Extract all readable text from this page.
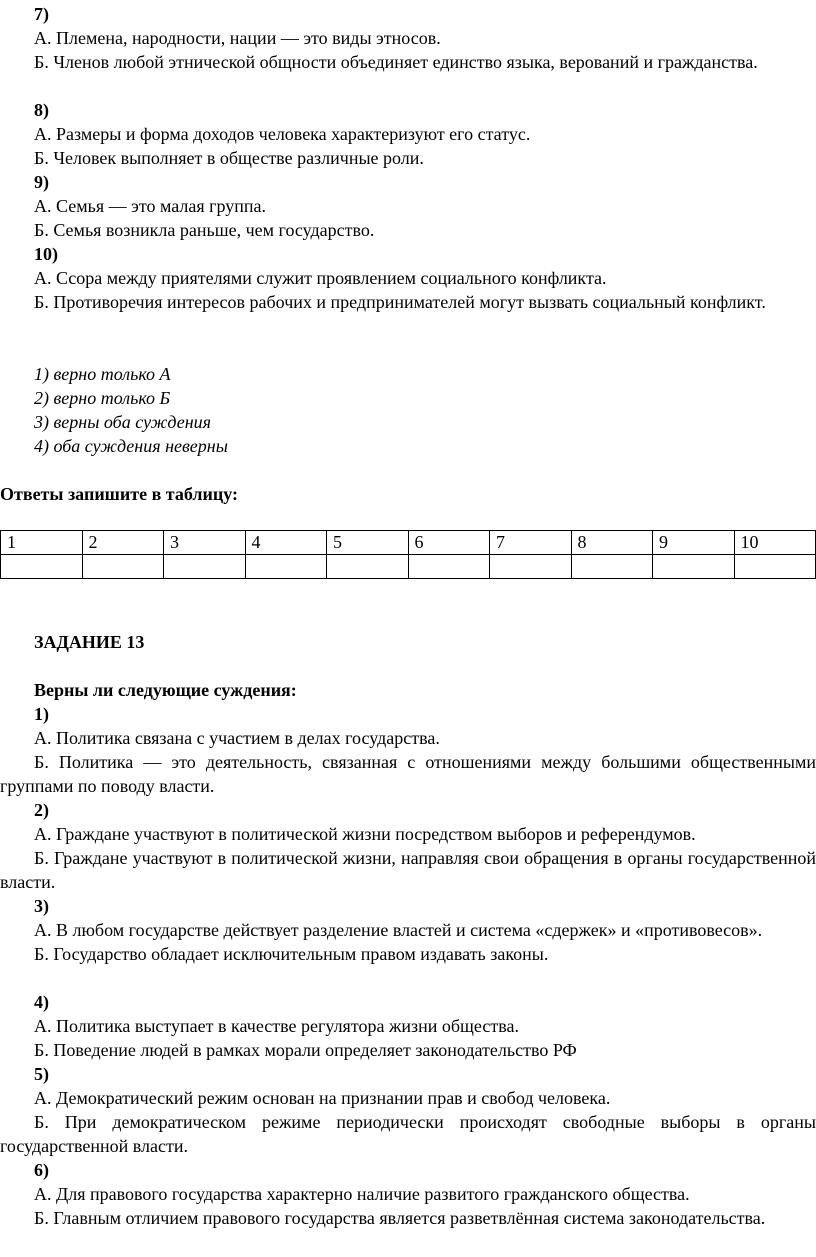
7)

А. Племена, народности, нации — это виды этносов.

Б. Членов любой этнической общности объединяет единство языка, верований и гражданства.

8)

А. Размеры и форма доходов человека характеризуют его статус.

Б. Человек выполняет в обществе различные роли.

9)

А. Семья — это малая группа.

Б. Семья возникла раньше, чем государство.

10)

А. Ссора между приятелями служит проявлением социального конфликта.

Б. Противоречия интересов рабочих и предпринимателей могут вызвать социальный конфликт.

1) верно только А

2) верно только Б

3) верны оба суждения

4) оба суждения неверны

Ответы запишите в таблицу:

1	2	3	4	5	6	7	8	9	10

ЗАДАНИЕ 13

Верны ли следующие суждения:

1)

А. Политика связана с участием в делах государства.

Б. Политика — это деятельность, связанная с отношениями между большими общественными группами по поводу власти.

2)

А. Граждане участвуют в политической жизни посредством выборов и референдумов.

Б. Граждане участвуют в политической жизни, направляя свои обращения в органы государственной власти.

3)

А. В любом государстве действует разделение властей и система «сдержек» и «противовесов».

Б. Государство обладает исключительным правом издавать законы.

4)

А. Политика выступает в качестве регулятора жизни общества.

Б. Поведение людей в рамках морали определяет законодательство РФ

5)

А. Демократический режим основан на признании прав и свобод человека.

Б. При демократическом режиме периодически происходят свободные выборы в органы государственной власти.

6)

А. Для правового государства характерно наличие развитого гражданского общества.

Б. Главным отличием правового государства является разветвлённая система законодательства.
